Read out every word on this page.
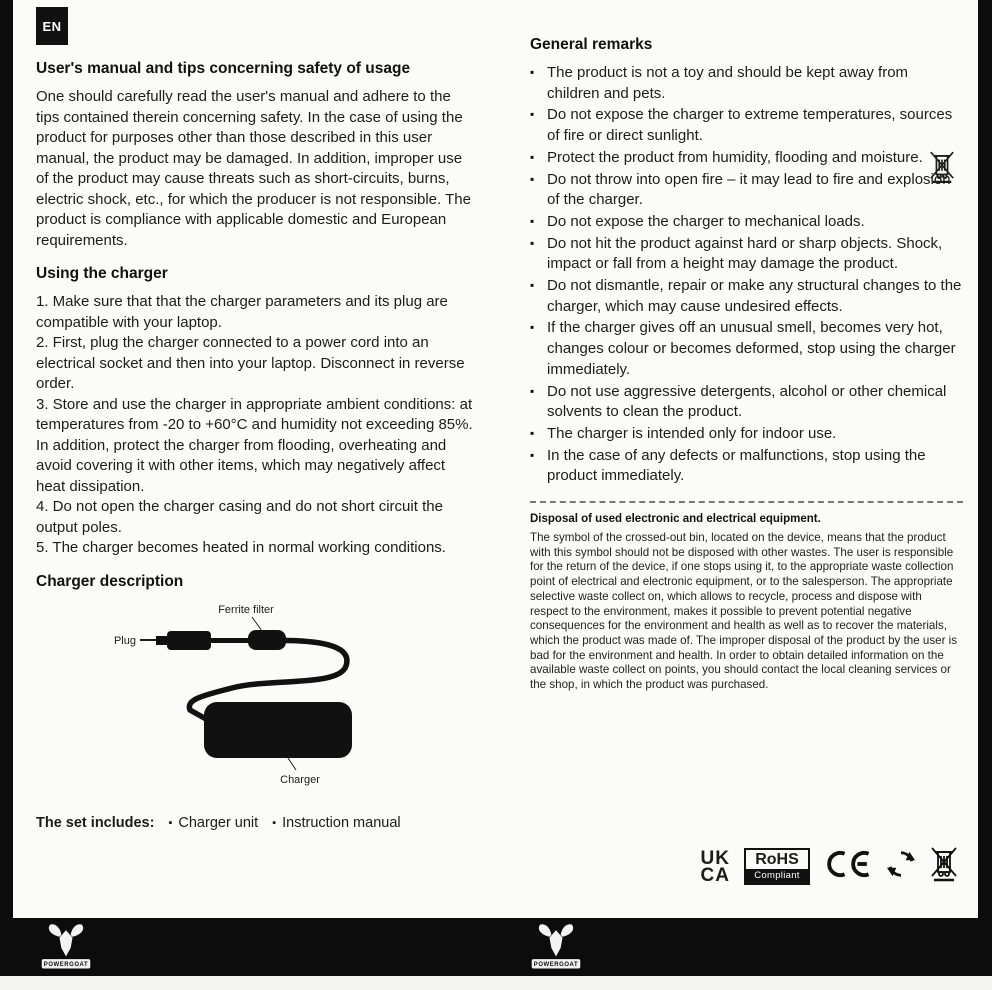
EN
User's manual and tips concerning safety of usage

One should carefully read the user's manual and adhere to the tips contained therein concerning safety. In the case of using the product for purposes other than those described in this user manual, the product may be damaged. In addition, improper use of the product may cause threats such as short-circuits, burns, electric shock, etc., for which the producer is not responsible. The product is compliance with applicable domestic and European requirements.

Using the charger

1. Make sure that that the charger parameters and its plug are compatible with your laptop.

2. First, plug the charger connected to a power cord into an electrical socket and then into your laptop. Disconnect in reverse order.

3. Store and use the charger in appropriate ambient conditions: at temperatures from -20 to +60°C and humidity not exceeding 85%. In addition, protect the charger from flooding, overheating and avoid covering it with other items, which may negatively affect heat dissipation.

4. Do not open the charger casing and do not short circuit the output poles.

5. The charger becomes heated in normal working conditions.

Charger description
Ferrite filter
Plug
Charger
The set includes: ▪ Charger unit ▪ Instruction manual
General remarks
▪ The product is not a toy and should be kept away from children and pets.
▪ Do not expose the charger to extreme temperatures, sources of fire or direct sunlight.
▪ Protect the product from humidity, flooding and moisture.
▪ Do not throw into open fire – it may lead to fire and explosion of the charger.
▪ Do not expose the charger to mechanical loads.
▪ Do not hit the product against hard or sharp objects. Shock, impact or fall from a height may damage the product.
▪ Do not dismantle, repair or make any structural changes to the charger, which may cause undesired effects.
▪ If the charger gives off an unusual smell, becomes very hot, changes colour or becomes deformed, stop using the charger immediately.
▪ Do not use aggressive detergents, alcohol or other chemical solvents to clean the product.
▪ The charger is intended only for indoor use.
▪ In the case of any defects or malfunctions, stop using the product immediately.

Disposal of used electronic and electrical equipment.

The symbol of the crossed-out bin, located on the device, means that the product with this symbol should not be disposed with other wastes. The user is responsible for the return of the device, if one stops using it, to the appropriate waste collection point of electrical and electronic equipment, or to the salesperson. The appropriate selective waste collect on, which allows to recycle, process and dispose with respect to the environment, makes it possible to prevent potential negative consequences for the environment and health as well as to recover the materials, which the product was made of. The improper disposal of the product by the user is bad for the environment and health. In order to obtain detailed information on the available waste collect on points, you should contact the local cleaning services or the shop, in which the product was purchased.

UK
CA
RoHS
Compliant
POWERGOAT	POWERGOAT
